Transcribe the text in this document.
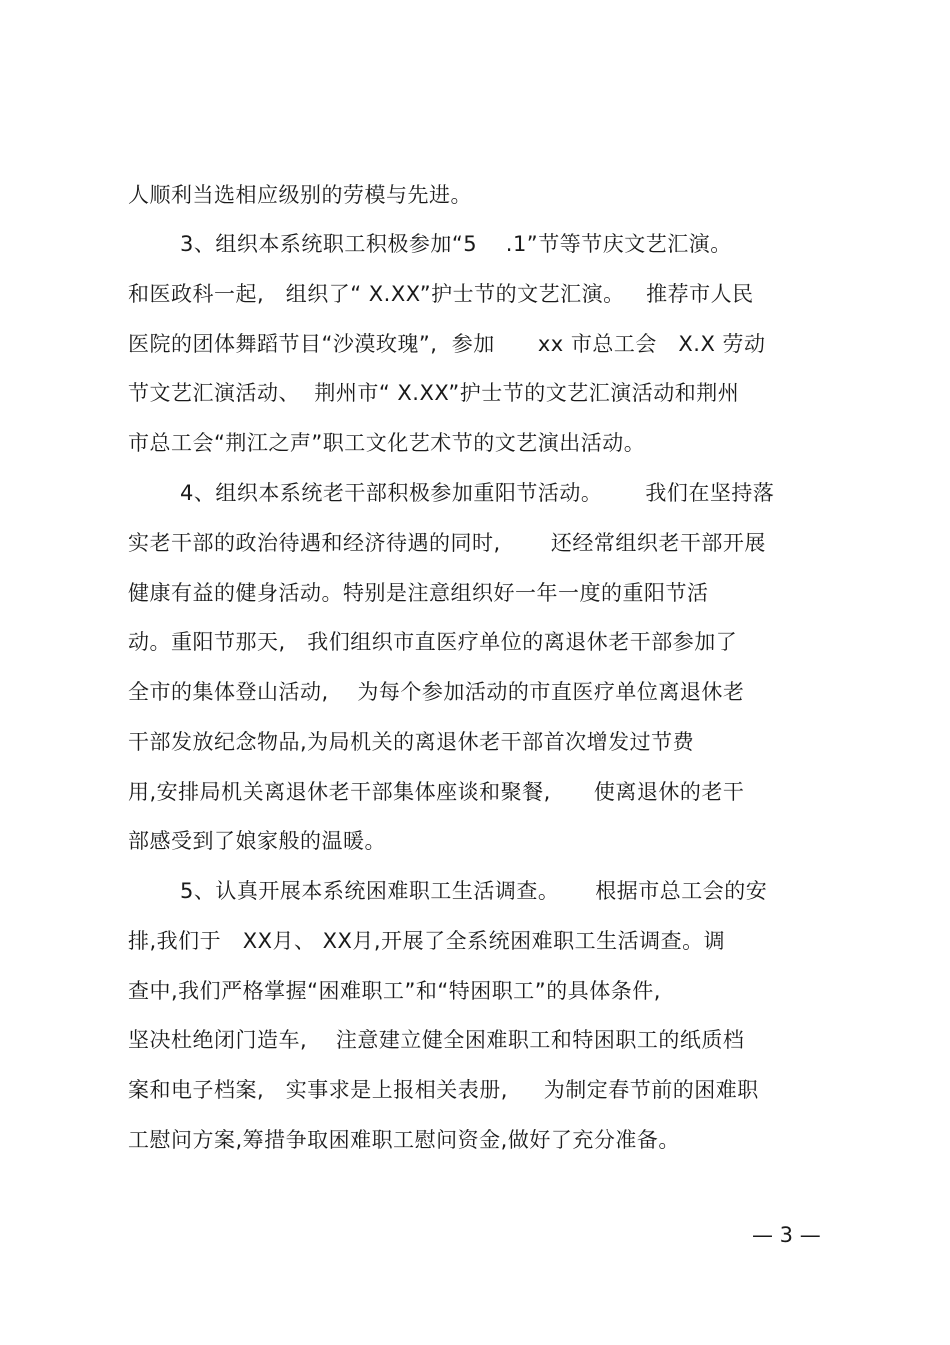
人顺利当选相应级别的劳模与先进。
3、组织本系统职工积极参加“5　 .1”节等节庆文艺汇演。
和医政科一起,   组织了“ X.XX”护士节的文艺汇演。   推荐市人民
医院的团体舞蹈节目“沙漠玫瑰”,  参加      xx 市总工会   X.X 劳动
节文艺汇演活动、  荆州市“ X.XX”护士节的文艺汇演活动和荆州
市总工会“荆江之声”职工文化艺术节的文艺演出活动。
4、组织本系统老干部积极参加重阳节活动。      我们在坚持落
实老干部的政治待遇和经济待遇的同时,       还经常组织老干部开展
健康有益的健身活动。特别是注意组织好一年一度的重阳节活
动。重阳节那天,   我们组织市直医疗单位的离退休老干部参加了
全市的集体登山活动,    为每个参加活动的市直医疗单位离退休老
干部发放纪念物品,为局机关的离退休老干部首次增发过节费
用,安排局机关离退休老干部集体座谈和聚餐,      使离退休的老干
部感受到了娘家般的温暖。
5、认真开展本系统困难职工生活调查。     根据市总工会的安
排,我们于   XX月、 XX月,开展了全系统困难职工生活调查。调
查中,我们严格掌握“困难职工”和“特困职工”的具体条件,
坚决杜绝闭门造车,    注意建立健全困难职工和特困职工的纸质档
案和电子档案,   实事求是上报相关表册,     为制定春节前的困难职
工慰问方案,筹措争取困难职工慰问资金,做好了充分准备。
— 3 —
